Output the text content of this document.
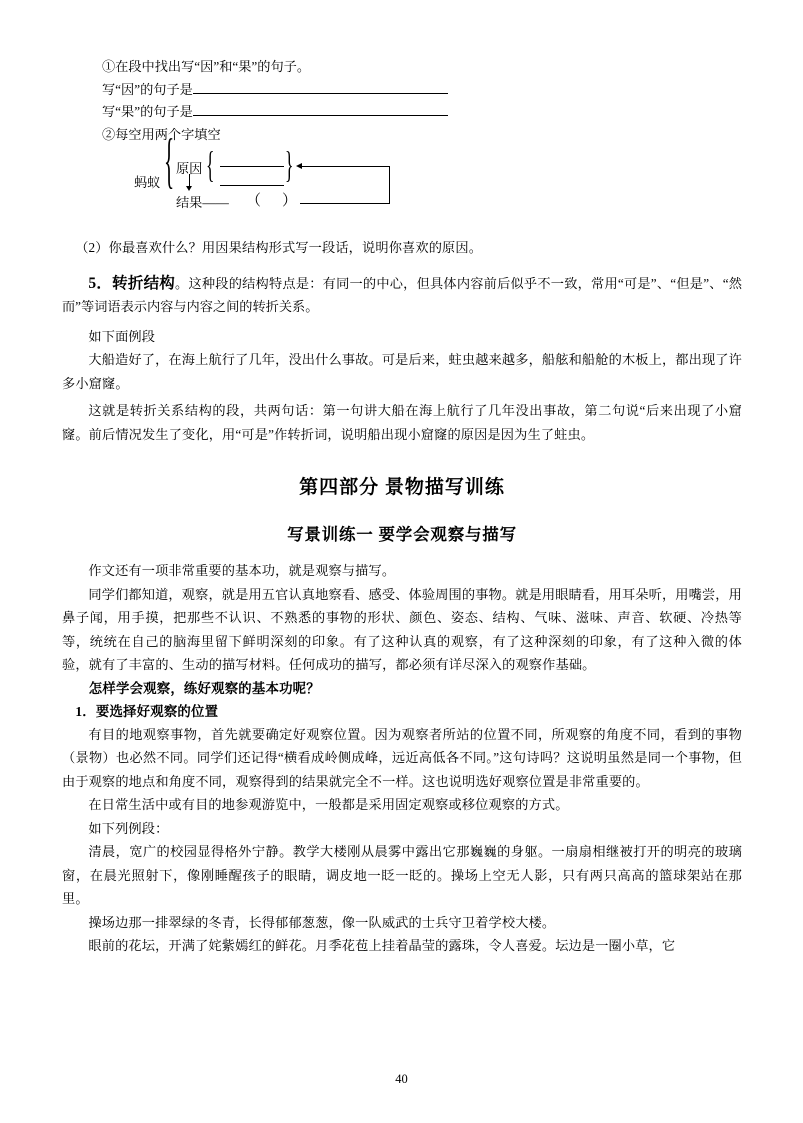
①在段中找出写“因”和“果”的句子。
写“因”的句子是
写“果”的句子是
②每空用两个字填空
蚂蚁 { 原因 {	}
结果—— （ ）
（2）你最喜欢什么？用因果结构形式写一段话，说明你喜欢的原因。
5．转折结构。这种段的结构特点是：有同一的中心，但具体内容前后似乎不一致，常用“可是”、“但是”、“然而”等词语表示内容与内容之间的转折关系。
如下面例段
大船造好了，在海上航行了几年，没出什么事故。可是后来，蛀虫越来越多，船舷和船舱的木板上，都出现了许多小窟窿。
这就是转折关系结构的段，共两句话：第一句讲大船在海上航行了几年没出事故，第二句说“后来出现了小窟窿。前后情况发生了变化，用“可是”作转折词，说明船出现小窟窿的原因是因为生了蛀虫。
第四部分 景物描写训练
写景训练一 要学会观察与描写
作文还有一项非常重要的基本功，就是观察与描写。
同学们都知道，观察，就是用五官认真地察看、感受、体验周围的事物。就是用眼睛看，用耳朵听，用嘴尝，用鼻子闻，用手摸，把那些不认识、不熟悉的事物的形状、颜色、姿态、结构、气味、滋味、声音、软硬、冷热等等，统统在自己的脑海里留下鲜明深刻的印象。有了这种认真的观察，有了这种深刻的印象，有了这种入微的体验，就有了丰富的、生动的描写材料。任何成功的描写，都必须有详尽深入的观察作基础。
怎样学会观察，练好观察的基本功呢？
1．要选择好观察的位置
有目的地观察事物，首先就要确定好观察位置。因为观察者所站的位置不同，所观察的角度不同，看到的事物（景物）也必然不同。同学们还记得“横看成岭侧成峰，远近高低各不同。”这句诗吗？这说明虽然是同一个事物，但由于观察的地点和角度不同，观察得到的结果就完全不一样。这也说明选好观察位置是非常重要的。
在日常生活中或有目的地参观游览中，一般都是采用固定观察或移位观察的方式。
如下列例段：
清晨，宽广的校园显得格外宁静。教学大楼刚从晨雾中露出它那巍巍的身躯。一扇扇相继被打开的明亮的玻璃窗，在晨光照射下，像刚睡醒孩子的眼睛，调皮地一眨一眨的。操场上空无人影，只有两只高高的篮球架站在那里。
操场边那一排翠绿的冬青，长得郁郁葱葱，像一队威武的士兵守卫着学校大楼。
眼前的花坛，开满了姹紫嫣红的鲜花。月季花苞上挂着晶莹的露珠，令人喜爱。坛边是一圈小草，它
40
